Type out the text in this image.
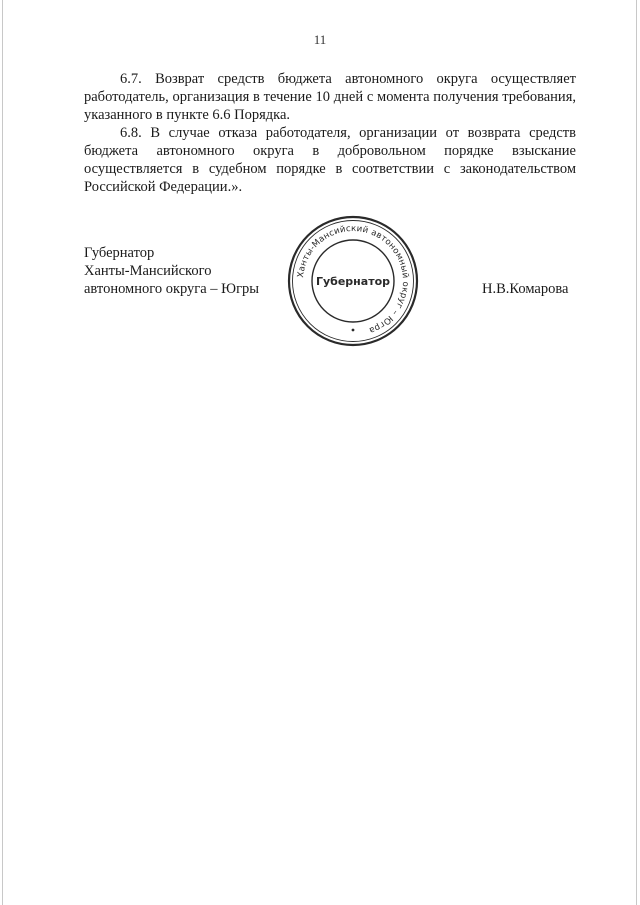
11

6.7. Возврат средств бюджета автономного округа осуществляет работодатель, организация в течение 10 дней с момента получения требования, указанного в пункте 6.6 Порядка.

6.8. В случае отказа работодателя, организации от возврата средств бюджета автономного округа в добровольном порядке взыскание осуществляется в судебном порядке в соответствии с законодательством Российской Федерации.».

Губернатор
Ханты-Мансийского
автономного округа – Югры	Н.В.Комарова
Ханты-Мансийский автономный округ – Югра
Губернатор
